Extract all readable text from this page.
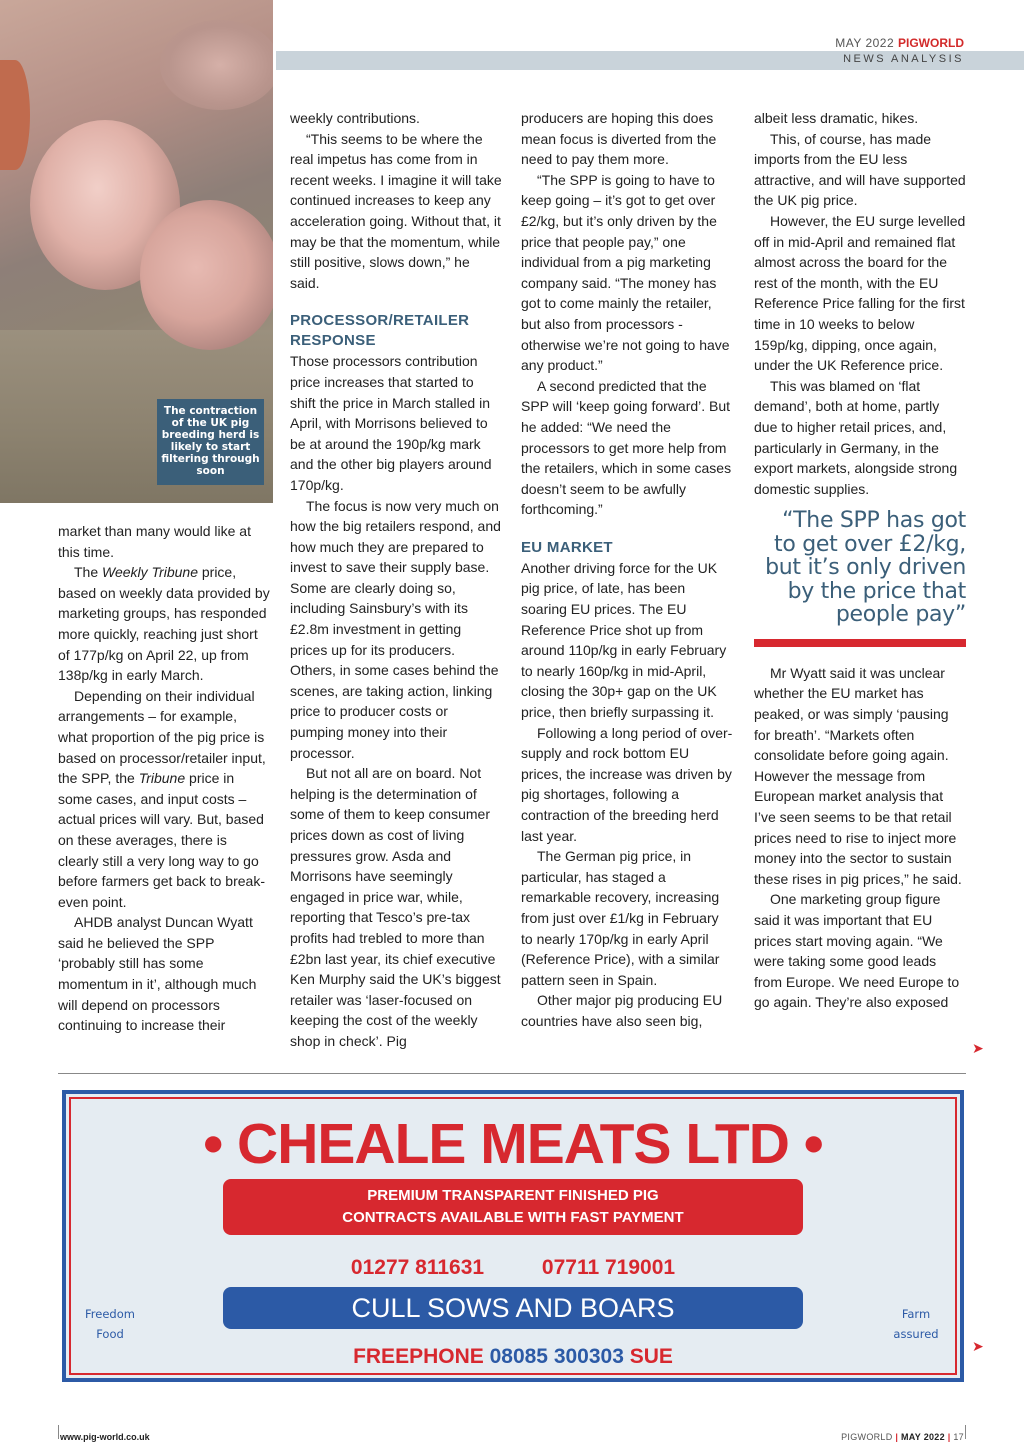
MAY 2022 PIGWORLD
NEWS ANALYSIS
The contraction of the UK pig breeding herd is likely to start filtering through soon

market than many would like at this time.

The Weekly Tribune price, based on weekly data provided by marketing groups, has responded more quickly, reaching just short of 177p/kg on April 22, up from 138p/kg in early March.

Depending on their individual arrangements – for example, what proportion of the pig price is based on processor/retailer input, the SPP, the Tribune price in some cases, and input costs – actual prices will vary. But, based on these averages, there is clearly still a very long way to go before farmers get back to break-even point.

AHDB analyst Duncan Wyatt said he believed the SPP ‘probably still has some momentum in it’, although much will depend on processors continuing to increase their

weekly contributions.

“This seems to be where the real impetus has come from in recent weeks. I imagine it will take continued increases to keep any acceleration going. Without that, it may be that the momentum, while still positive, slows down,” he said.

PROCESSOR/RETAILER RESPONSE

Those processors contribution price increases that started to shift the price in March stalled in April, with Morrisons believed to be at around the 190p/kg mark and the other big players around 170p/kg.

The focus is now very much on how the big retailers respond, and how much they are prepared to invest to save their supply base. Some are clearly doing so, including Sainsbury’s with its £2.8m investment in getting prices up for its producers. Others, in some cases behind the scenes, are taking action, linking price to producer costs or pumping money into their processor.

But not all are on board. Not helping is the determination of some of them to keep consumer prices down as cost of living pressures grow. Asda and Morrisons have seemingly engaged in price war, while, reporting that Tesco’s pre-tax profits had trebled to more than £2bn last year, its chief executive Ken Murphy said the UK’s biggest retailer was ‘laser-focused on keeping the cost of the weekly shop in check’. Pig

producers are hoping this does mean focus is diverted from the need to pay them more.

“The SPP is going to have to keep going – it’s got to get over £2/kg, but it’s only driven by the price that people pay,” one individual from a pig marketing company said. “The money has got to come mainly the retailer, but also from processors - otherwise we’re not going to have any product.”

A second predicted that the SPP will ‘keep going forward’. But he added: “We need the processors to get more help from the retailers, which in some cases doesn’t seem to be awfully forthcoming.”

EU MARKET

Another driving force for the UK pig price, of late, has been soaring EU prices. The EU Reference Price shot up from around 110p/kg in early February to nearly 160p/kg in mid-April, closing the 30p+ gap on the UK price, then briefly surpassing it.

Following a long period of over-supply and rock bottom EU prices, the increase was driven by pig shortages, following a contraction of the breeding herd last year.

The German pig price, in particular, has staged a remarkable recovery, increasing from just over £1/kg in February to nearly 170p/kg in early April (Reference Price), with a similar pattern seen in Spain.

Other major pig producing EU countries have also seen big,

albeit less dramatic, hikes.

This, of course, has made imports from the EU less attractive, and will have supported the UK pig price.

However, the EU surge levelled off in mid-April and remained flat almost across the board for the rest of the month, with the EU Reference Price falling for the first time in 10 weeks to below 159p/kg, dipping, once again, under the UK Reference price.

This was blamed on ‘flat demand’, both at home, partly due to higher retail prices, and, particularly in Germany, in the export markets, alongside strong domestic supplies.

“The SPP has got to get over £2/kg, but it’s only driven by the price that people pay”

Mr Wyatt said it was unclear whether the EU market has peaked, or was simply ‘pausing for breath’. “Markets often consolidate before going again. However the message from European market analysis that I’ve seen seems to be that retail prices need to rise to inject more money into the sector to sustain these rises in pig prices,” he said.

One marketing group figure said it was important that EU prices start moving again. “We were taking some good leads from Europe. We need Europe to go again. They’re also exposed

➤
• CHEALE MEATS LTD •
PREMIUM TRANSPARENT FINISHED PIG
CONTRACTS AVAILABLE WITH FAST PAYMENT
01277 811631	07711 719001
CULL SOWS AND BOARS
FREEPHONE 08085 300303 SUE
Freedom
Food
Farm
assured
➤
www.pig-world.co.uk	PIGWORLD | MAY 2022 | 17
